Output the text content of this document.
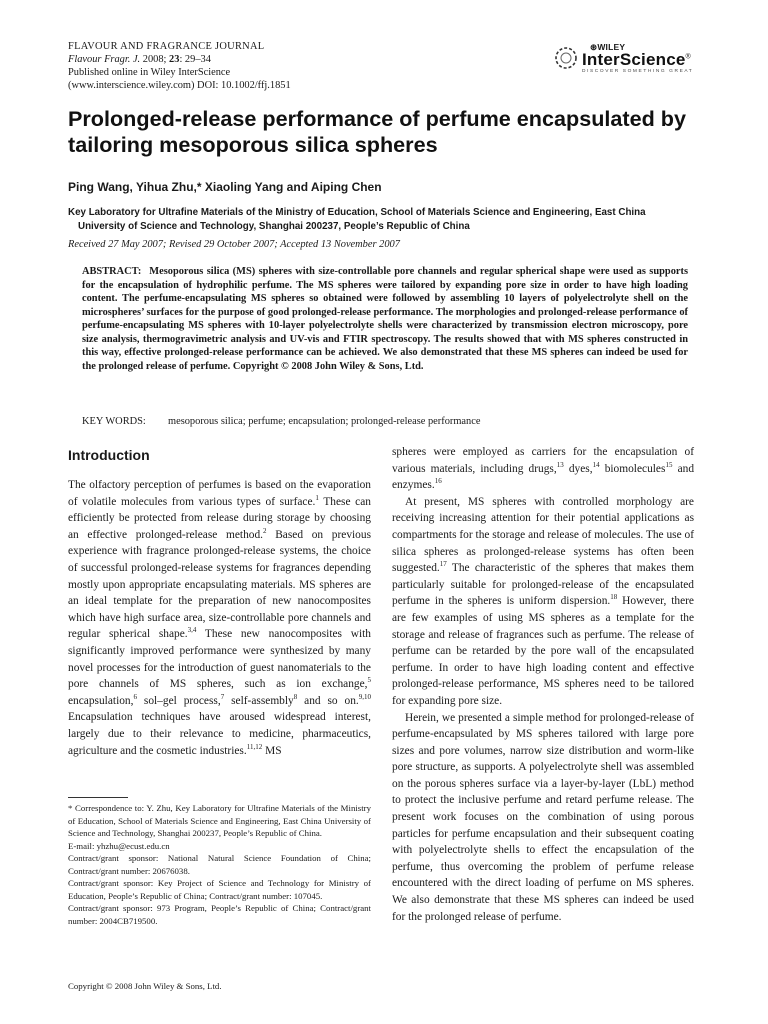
FLAVOUR AND FRAGRANCE JOURNAL
Flavour Fragr. J. 2008; 23: 29–34
Published online in Wiley InterScience
(www.interscience.wiley.com) DOI: 10.1002/ffj.1851
⊛WILEY
InterScience®
DISCOVER SOMETHING GREAT
Prolonged-release performance of perfume encapsulated by tailoring mesoporous silica spheres
Ping Wang, Yihua Zhu,* Xiaoling Yang and Aiping Chen
Key Laboratory for Ultrafine Materials of the Ministry of Education, School of Materials Science and Engineering, East China
University of Science and Technology, Shanghai 200237, People’s Republic of China
Received 27 May 2007; Revised 29 October 2007; Accepted 13 November 2007
ABSTRACT: Mesoporous silica (MS) spheres with size-controllable pore channels and regular spherical shape were used as supports for the encapsulation of hydrophilic perfume. The MS spheres were tailored by expanding pore size in order to have high loading content. The perfume-encapsulating MS spheres so obtained were followed by assembling 10 layers of polyelectrolyte shell on the microspheres’ surfaces for the purpose of good prolonged-release performance. The morphologies and prolonged-release performance of perfume-encapsulating MS spheres with 10-layer polyelectrolyte shells were characterized by transmission electron microscopy, pore size analysis, thermogravimetric analysis and UV-vis and FTIR spectroscopy. The results showed that with MS spheres constructed in this way, effective prolonged-release performance can be achieved. We also demonstrated that these MS spheres can indeed be used for the prolonged release of perfume. Copyright © 2008 John Wiley & Sons, Ltd.
KEY WORDS: mesoporous silica; perfume; encapsulation; prolonged-release performance
Introduction

The olfactory perception of perfumes is based on the evaporation of volatile molecules from various types of surface.$^1$ These can efficiently be protected from release during storage by choosing an effective prolonged-release method.$^2$ Based on previous experience with fragrance prolonged-release systems, the choice of successful prolonged-release systems for fragrances depending mostly upon appropriate encapsulating materials. MS spheres are an ideal template for the preparation of new nanocomposites which have high surface area, size-controllable pore channels and regular spherical shape.$^{3,4}$ These new nanocomposites with significantly improved performance were synthesized by many novel processes for the introduction of guest nanomaterials to the pore channels of MS spheres, such as ion exchange,$^5$ encapsulation,$^6$ sol–gel process,$^7$ self-assembly$^8$ and so on.$^{9,10}$ Encapsulation techniques have aroused widespread interest, largely due to their relevance to medicine, pharmaceutics, agriculture and the cosmetic industries.$^{11,12}$ MS

spheres were employed as carriers for the encapsulation of various materials, including drugs,$^{13}$ dyes,$^{14}$ biomolecules$^{15}$ and enzymes.$^{16}$

At present, MS spheres with controlled morphology are receiving increasing attention for their potential applications as compartments for the storage and release of molecules. The use of silica spheres as prolonged-release systems has often been suggested.$^{17}$ The characteristic of the spheres that makes them particularly suitable for prolonged-release of the encapsulated perfume in the spheres is uniform dispersion.$^{18}$ However, there are few examples of using MS spheres as a template for the storage and release of fragrances such as perfume. The release of perfume can be retarded by the pore wall of the encapsulated perfume. In order to have high loading content and effective prolonged-release performance, MS spheres need to be tailored for expanding pore size.

Herein, we presented a simple method for prolonged-release of perfume-encapsulated by MS spheres tailored with large pore sizes and pore volumes, narrow size distribution and worm-like pore structure, as supports. A polyelectrolyte shell was assembled on the porous spheres surface via a layer-by-layer (LbL) method to protect the inclusive perfume and retard perfume release. The present work focuses on the combination of using porous particles for perfume encapsulation and their subsequent coating with polyelectrolyte shells to effect the encapsulation of the perfume, thus overcoming the problem of perfume release encountered with the direct loading of perfume on MS spheres. We also demonstrate that these MS spheres can indeed be used for the prolonged release of perfume.

* Correspondence to: Y. Zhu, Key Laboratory for Ultrafine Materials of the Ministry of Education, School of Materials Science and Engineering, East China University of Science and Technology, Shanghai 200237, People’s Republic of China.

E-mail: yhzhu@ecust.edu.cn

Contract/grant sponsor: National Natural Science Foundation of China; Contract/grant number: 20676038.

Contract/grant sponsor: Key Project of Science and Technology for Ministry of Education, People’s Republic of China; Contract/grant number: 107045.

Contract/grant sponsor: 973 Program, People’s Republic of China; Contract/grant number: 2004CB719500.

Copyright © 2008 John Wiley & Sons, Ltd.
